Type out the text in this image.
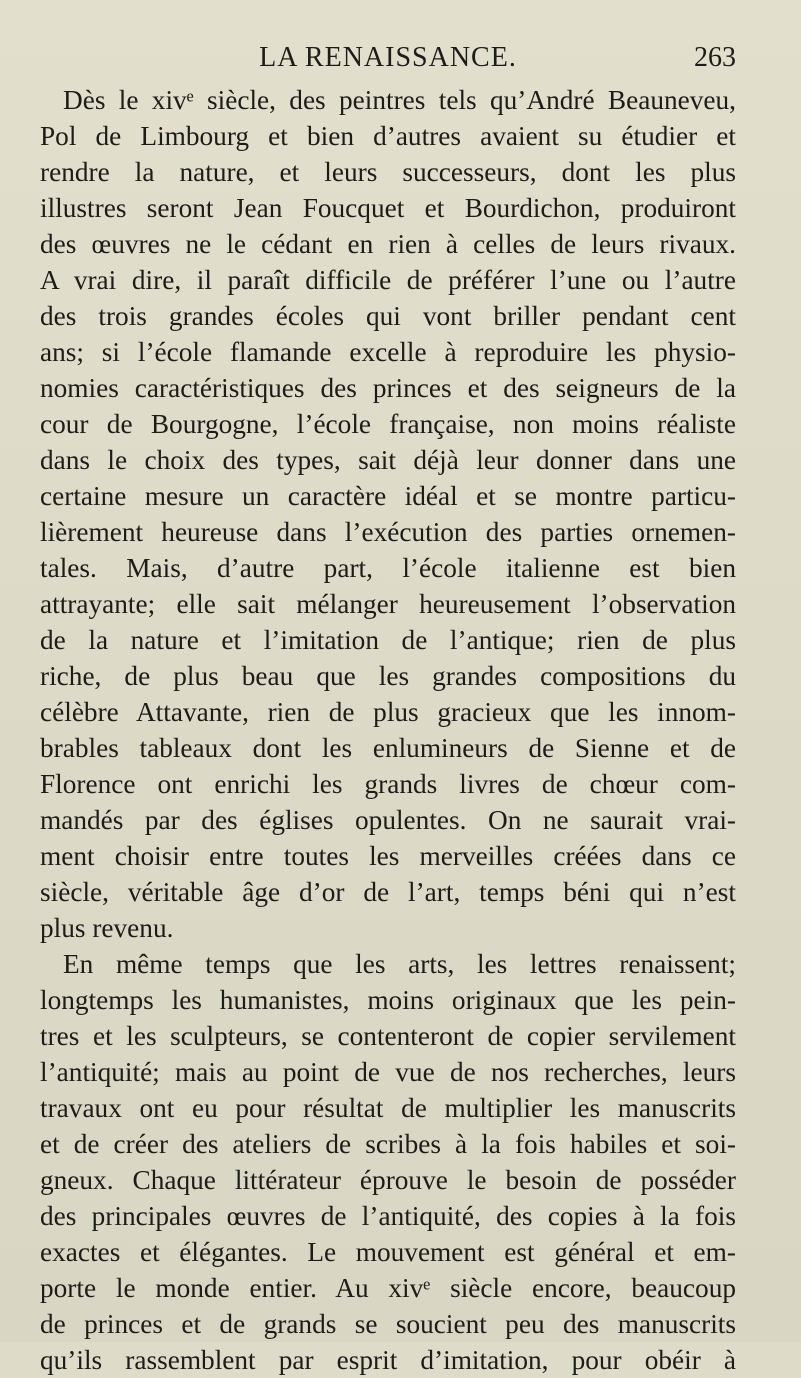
LA RENAISSANCE.	263
Dès le xivᵉ siècle, des peintres tels qu’André Beauneveu,
Pol de Limbourg et bien d’autres avaient su étudier et
rendre la nature, et leurs successeurs, dont les plus
illustres seront Jean Foucquet et Bourdichon, produiront
des œuvres ne le cédant en rien à celles de leurs rivaux.
A vrai dire, il paraît difficile de préférer l’une ou l’autre
des trois grandes écoles qui vont briller pendant cent
ans; si l’école flamande excelle à reproduire les physio-
nomies caractéristiques des princes et des seigneurs de la
cour de Bourgogne, l’école française, non moins réaliste
dans le choix des types, sait déjà leur donner dans une
certaine mesure un caractère idéal et se montre particu-
lièrement heureuse dans l’exécution des parties ornemen-
tales. Mais, d’autre part, l’école italienne est bien
attrayante; elle sait mélanger heureusement l’observation
de la nature et l’imitation de l’antique; rien de plus
riche, de plus beau que les grandes compositions du
célèbre Attavante, rien de plus gracieux que les innom-
brables tableaux dont les enlumineurs de Sienne et de
Florence ont enrichi les grands livres de chœur com-
mandés par des églises opulentes. On ne saurait vrai-
ment choisir entre toutes les merveilles créées dans ce
siècle, véritable âge d’or de l’art, temps béni qui n’est
plus revenu.
En même temps que les arts, les lettres renaissent;
longtemps les humanistes, moins originaux que les pein-
tres et les sculpteurs, se contenteront de copier servilement
l’antiquité; mais au point de vue de nos recherches, leurs
travaux ont eu pour résultat de multiplier les manuscrits
et de créer des ateliers de scribes à la fois habiles et soi-
gneux. Chaque littérateur éprouve le besoin de posséder
des principales œuvres de l’antiquité, des copies à la fois
exactes et élégantes. Le mouvement est général et em-
porte le monde entier. Au xivᵉ siècle encore, beaucoup
de princes et de grands se soucient peu des manuscrits
qu’ils rassemblent par esprit d’imitation, pour obéir à
